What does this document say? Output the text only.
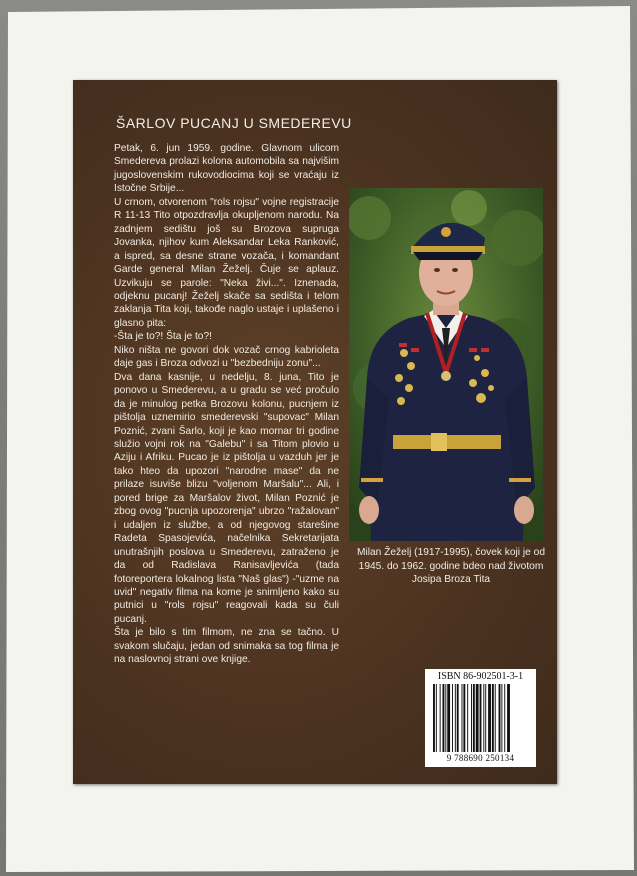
ŠARLOV PUCANJ U SMEDEREVU

Petak, 6. jun 1959. godine. Glavnom ulicom Smedereva prolazi kolona automobila sa najvišim jugoslovenskim rukovodiocima koji se vraćaju iz Istočne Srbije...

U crnom, otvorenom "rols rojsu" vojne registracije R 11-13 Tito otpozdravlja okupljenom narodu. Na zadnjem sedištu još su Brozova supruga Jovanka, njihov kum Aleksandar Leka Ranković, a ispred, sa desne strane vozača, i komandant Garde general Milan Žeželj. Čuje se aplauz. Uzvikuju se parole: "Neka živi...". Iznenada, odjeknu pucanj! Žeželj skače sa sedišta i telom zaklanja Tita koji, takođe naglo ustaje i uplašeno i glasno pita:

-Šta je to?! Šta je to?!

Niko ništa ne govori dok vozač crnog kabrioleta daje gas i Broza odvozi u "bezbedniju zonu"...

Dva dana kasnije, u nedelju, 8. juna, Tito je ponovo u Smederevu, a u gradu se već pročulo da je minulog petka Brozovu kolonu, pucnjem iz pištolja uznemirio smederevski "supovac" Milan Poznić, zvani Šarlo, koji je kao mornar tri godine služio vojni rok na "Galebu" i sa Titom plovio u Aziju i Afriku. Pucao je iz pištolja u vazduh jer je tako hteo da upozori "narodne mase" da ne prilaze isuviše blizu "voljenom Maršalu"... Ali, i pored brige za Maršalov život, Milan Poznić je zbog ovog "pucnja upozorenja" ubrzo "ražalovan" i udaljen iz službe, a od njegovog starešine Radeta Spasojevića, načelnika Sekretarijata unutrašnjih poslova u Smederevu, zatraženo je da od Radislava Ranisavljevića (tada fotoreportera lokalnog lista "Naš glas") -"uzme na uvid" negativ filma na kome je snimljeno kako su putnici u "rols rojsu" reagovali kada su čuli pucanj.

Šta je bilo s tim filmom, ne zna se tačno. U svakom slučaju, jedan od snimaka sa tog filma je na naslovnoj strani ove knjige.

Milan Žeželj (1917-1995), čovek koji je od 1945. do 1962. godine bdeo nad životom Josipa Broza Tita
ISBN 86-902501-3-1
9 788690 250134
